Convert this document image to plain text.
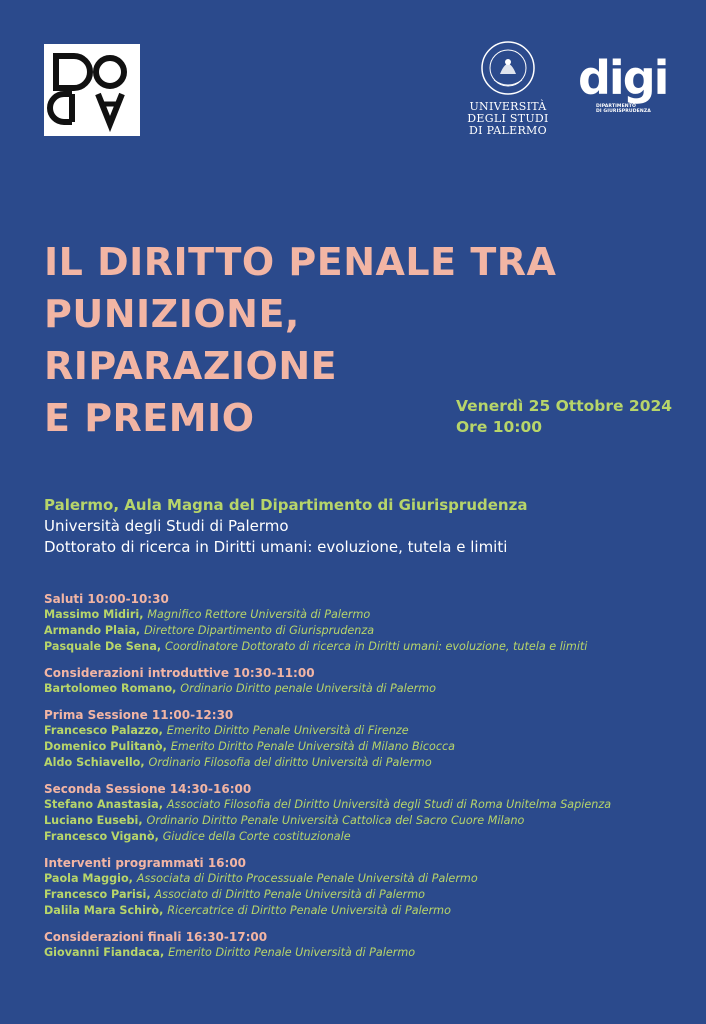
UNIVERSITÀ
DEGLI STUDI
DI PALERMO
digi
DIPARTIMENTO
DI GIURISPRUDENZA
IL DIRITTO PENALE TRA
PUNIZIONE,
RIPARAZIONE
E PREMIO	Venerdì 25 Ottobre 2024
Ore 10:00
Palermo, Aula Magna del Dipartimento di Giurisprudenza
Università degli Studi di Palermo
Dottorato di ricerca in Diritti umani: evoluzione, tutela e limiti
Saluti 10:00-10:30
Massimo Midiri, Magnifico Rettore Università di Palermo
Armando Plaia, Direttore Dipartimento di Giurisprudenza
Pasquale De Sena, Coordinatore Dottorato di ricerca in Diritti umani: evoluzione, tutela e limiti
Considerazioni introduttive 10:30-11:00
Bartolomeo Romano, Ordinario Diritto penale Università di Palermo
Prima Sessione 11:00-12:30
Francesco Palazzo, Emerito Diritto Penale Università di Firenze
Domenico Pulitanò, Emerito Diritto Penale Università di Milano Bicocca
Aldo Schiavello, Ordinario Filosofia del diritto Università di Palermo
Seconda Sessione 14:30-16:00
Stefano Anastasia, Associato Filosofia del Diritto Università degli Studi di Roma Unitelma Sapienza
Luciano Eusebi, Ordinario Diritto Penale Università Cattolica del Sacro Cuore Milano
Francesco Viganò, Giudice della Corte costituzionale
Interventi programmati 16:00
Paola Maggio, Associata di Diritto Processuale Penale Università di Palermo
Francesco Parisi, Associato di Diritto Penale Università di Palermo
Dalila Mara Schirò, Ricercatrice di Diritto Penale Università di Palermo
Considerazioni finali 16:30-17:00
Giovanni Fiandaca, Emerito Diritto Penale Università di Palermo
